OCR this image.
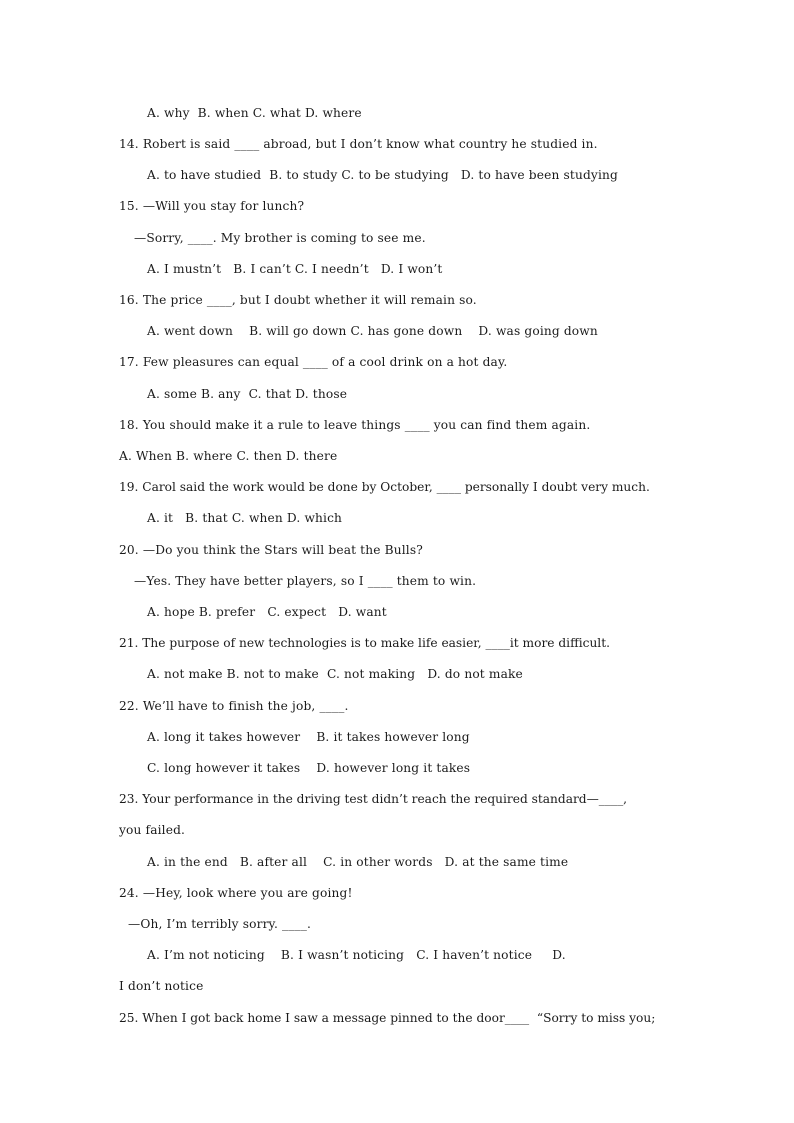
A. why  B. when C. what D. where
14. Robert is said ____ abroad, but I don’t know what country he studied in.
A. to have studied  B. to study C. to be studying   D. to have been studying
15. —Will you stay for lunch?
—Sorry, ____. My brother is coming to see me.
A. I mustn’t   B. I can’t C. I needn’t   D. I won’t
16. The price ____, but I doubt whether it will remain so.
A. went down    B. will go down C. has gone down    D. was going down
17. Few pleasures can equal ____ of a cool drink on a hot day.
A. some B. any  C. that D. those
18. You should make it a rule to leave things ____ you can find them again.
A. When B. where C. then D. there
19. Carol said the work would be done by October, ____ personally I doubt very much.
A. it   B. that C. when D. which
20. —Do you think the Stars will beat the Bulls?
—Yes. They have better players, so I ____ them to win.
A. hope B. prefer   C. expect   D. want
21. The purpose of new technologies is to make life easier, ____it more difficult.
A. not make B. not to make  C. not making   D. do not make
22. We’ll have to finish the job, ____.
A. long it takes however    B. it takes however long
C. long however it takes    D. however long it takes
23. Your performance in the driving test didn’t reach the required standard—____,
you failed.
A. in the end   B. after all    C. in other words   D. at the same time
24. —Hey, look where you are going!
—Oh, I’m terribly sorry. ____.
A. I’m not noticing    B. I wasn’t noticing   C. I haven’t notice     D.
I don’t notice
25. When I got back home I saw a message pinned to the door____  “Sorry to miss you;
